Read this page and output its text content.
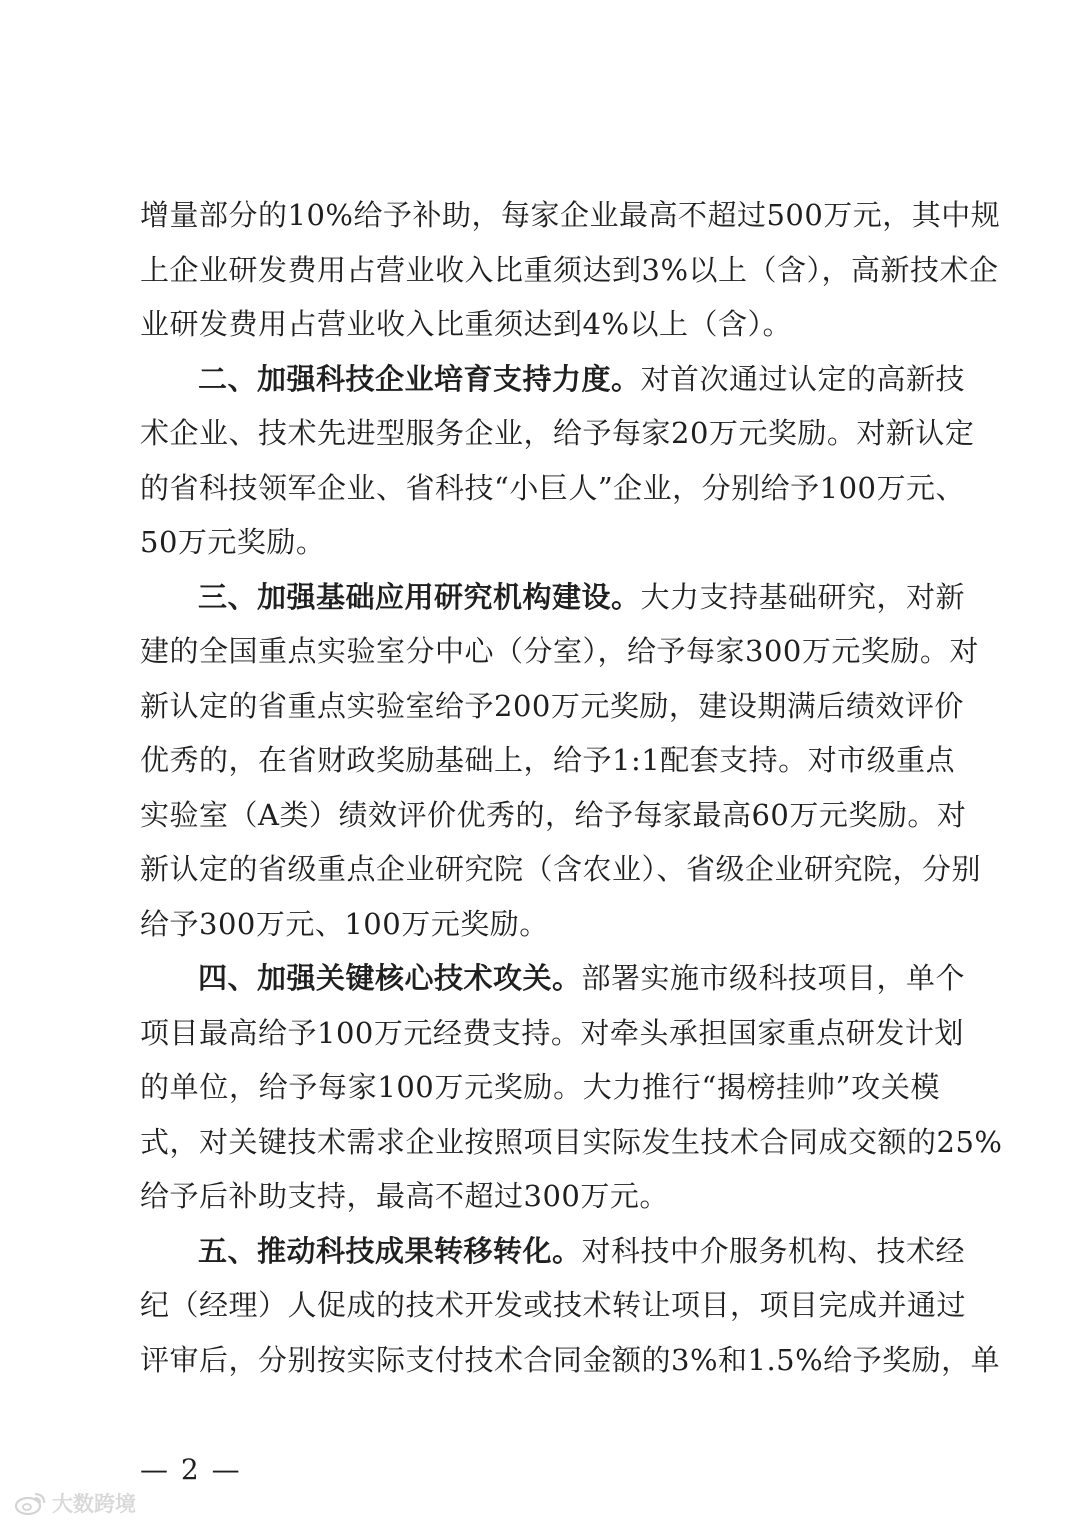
增量部分的10%给予补助，每家企业最高不超过500万元，其中规
上企业研发费用占营业收入比重须达到3%以上（含），高新技术企
业研发费用占营业收入比重须达到4%以上（含）。
二、加强科技企业培育支持力度。对首次通过认定的高新技
术企业、技术先进型服务企业，给予每家20万元奖励。对新认定
的省科技领军企业、省科技“小巨人”企业，分别给予100万元、
50万元奖励。
三、加强基础应用研究机构建设。大力支持基础研究，对新
建的全国重点实验室分中心（分室），给予每家300万元奖励。对
新认定的省重点实验室给予200万元奖励，建设期满后绩效评价
优秀的，在省财政奖励基础上，给予1:1配套支持。对市级重点
实验室（A类）绩效评价优秀的，给予每家最高60万元奖励。对
新认定的省级重点企业研究院（含农业）、省级企业研究院，分别
给予300万元、100万元奖励。
四、加强关键核心技术攻关。部署实施市级科技项目，单个
项目最高给予100万元经费支持。对牵头承担国家重点研发计划
的单位，给予每家100万元奖励。大力推行“揭榜挂帅”攻关模
式，对关键技术需求企业按照项目实际发生技术合同成交额的25%
给予后补助支持，最高不超过300万元。
五、推动科技成果转移转化。对科技中介服务机构、技术经
纪（经理）人促成的技术开发或技术转让项目，项目完成并通过
评审后，分别按实际支付技术合同金额的3%和1.5%给予奖励，单
— 2 —
大数跨境
